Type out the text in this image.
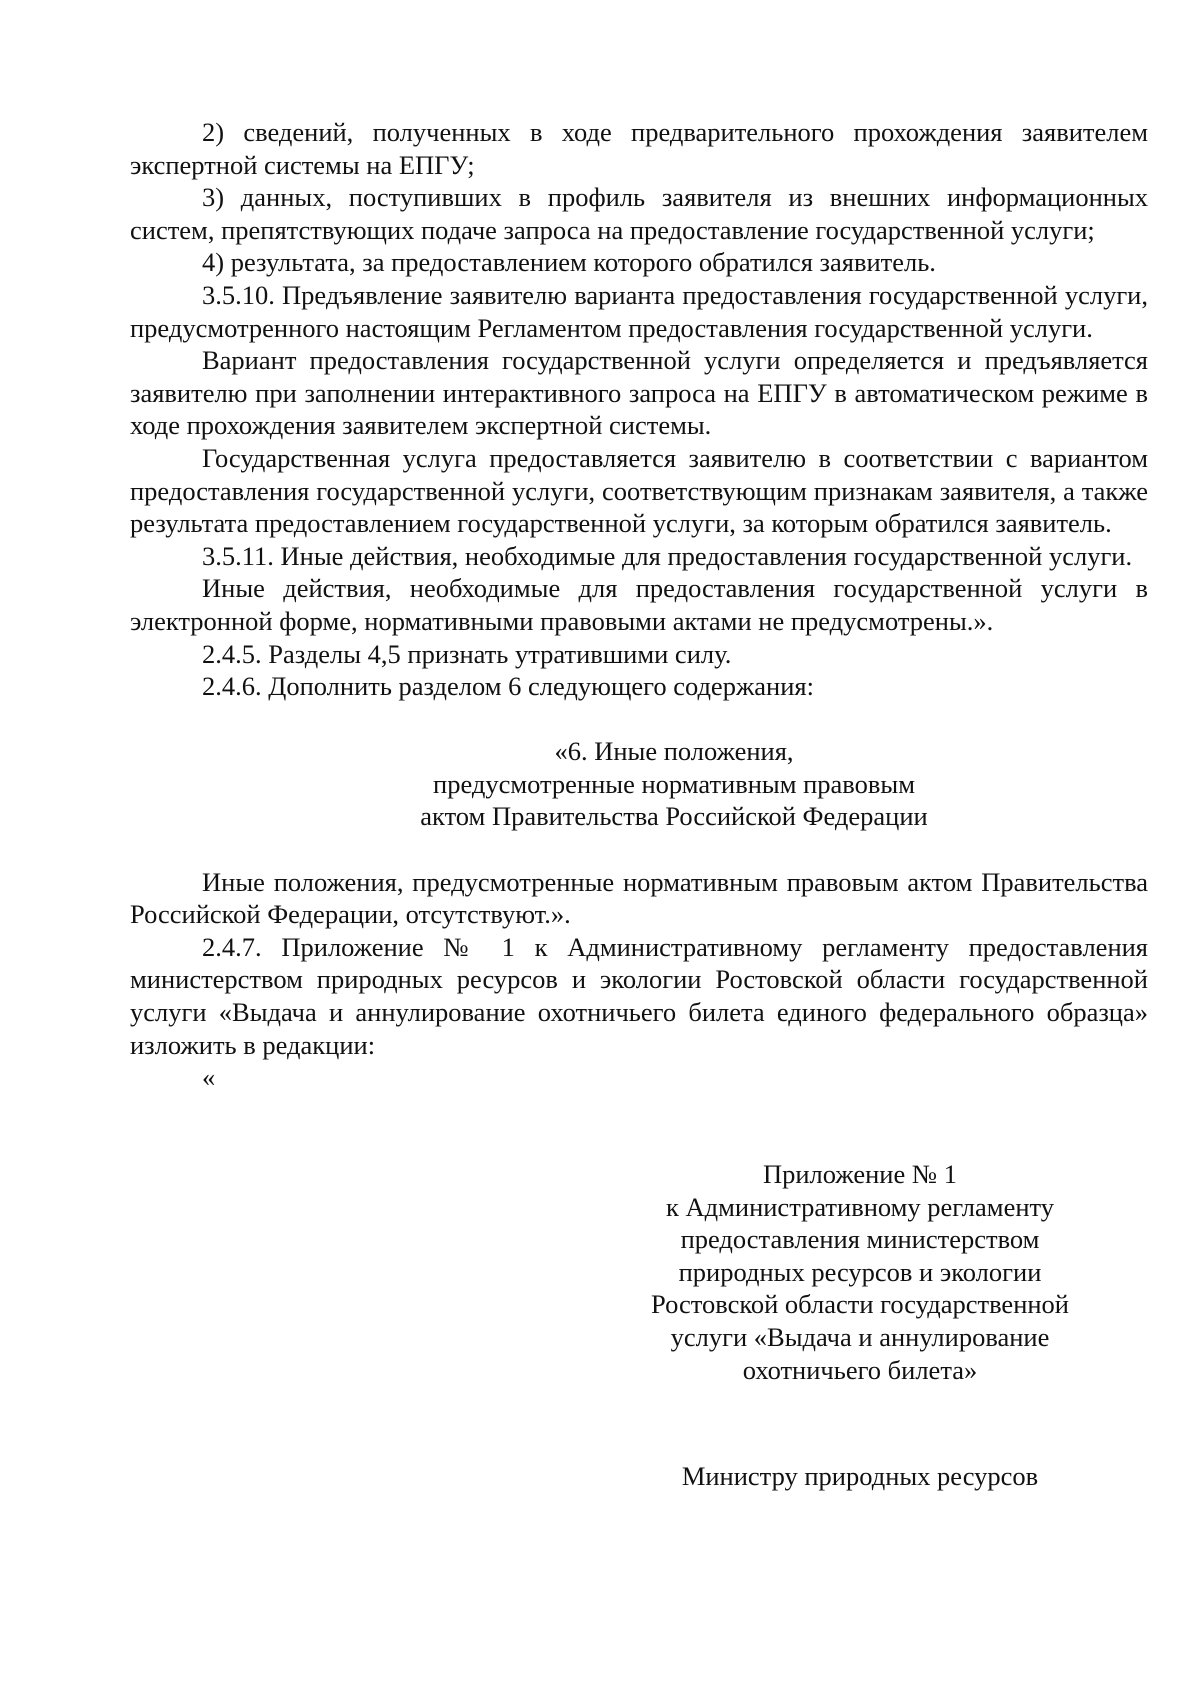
2) сведений, полученных в ходе предварительного прохождения заявителем экспертной системы на ЕПГУ;

3) данных, поступивших в профиль заявителя из внешних информационных систем, препятствующих подаче запроса на предоставление государственной услуги;

4) результата, за предоставлением которого обратился заявитель.

3.5.10. Предъявление заявителю варианта предоставления государственной услуги, предусмотренного настоящим Регламентом предоставления государственной услуги.

Вариант предоставления государственной услуги определяется и предъявляется заявителю при заполнении интерактивного запроса на ЕПГУ в автоматическом режиме в ходе прохождения заявителем экспертной системы.

Государственная услуга предоставляется заявителю в соответствии с вариантом предоставления государственной услуги, соответствующим признакам заявителя, а также результата предоставлением государственной услуги, за которым обратился заявитель.

3.5.11. Иные действия, необходимые для предоставления государственной услуги.

Иные действия, необходимые для предоставления государственной услуги в электронной форме, нормативными правовыми актами не предусмотрены.».

2.4.5. Разделы 4,5 признать утратившими силу.

2.4.6. Дополнить разделом 6 следующего содержания:

«6. Иные положения,
предусмотренные нормативным правовым
актом Правительства Российской Федерации

Иные положения, предусмотренные нормативным правовым актом Правительства Российской Федерации, отсутствуют.».

2.4.7. Приложение № 1 к Административному регламенту предоставления министерством природных ресурсов и экологии Ростовской области государственной услуги «Выдача и аннулирование охотничьего билета единого федерального образца» изложить в редакции:

«

Приложение № 1
к Административному регламенту
предоставления министерством
природных ресурсов и экологии
Ростовской области государственной
услуги «Выдача и аннулирование
охотничьего билета»
Министру природных ресурсов
